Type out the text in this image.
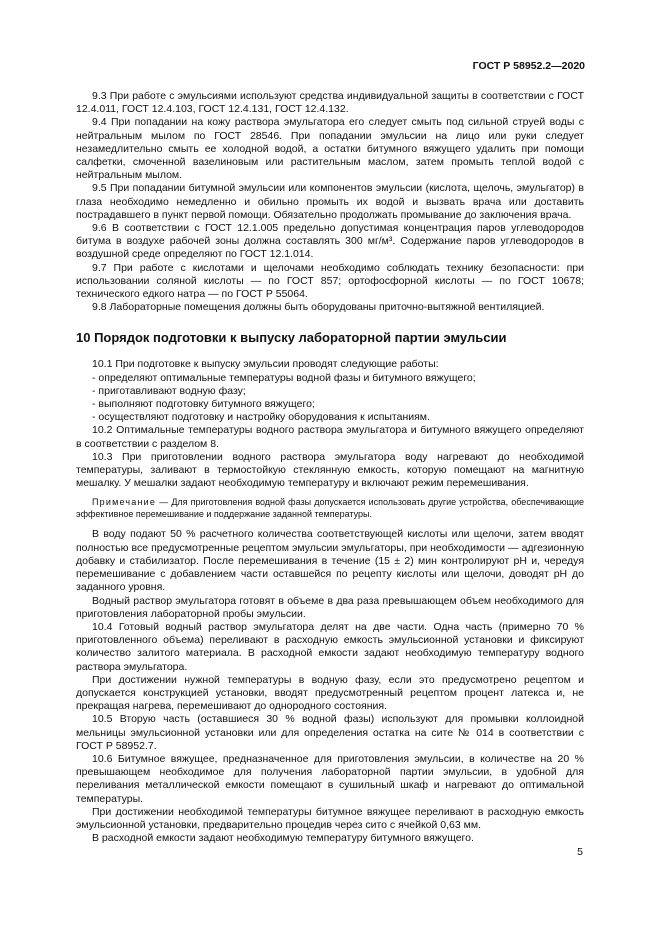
ГОСТ Р 58952.2—2020

9.3 При работе с эмульсиями используют средства индивидуальной защиты в соответствии с ГОСТ 12.4.011, ГОСТ 12.4.103, ГОСТ 12.4.131, ГОСТ 12.4.132.

9.4 При попадании на кожу раствора эмульгатора его следует смыть под сильной струей воды с нейтральным мылом по ГОСТ 28546. При попадании эмульсии на лицо или руки следует незамедлительно смыть ее холодной водой, а остатки битумного вяжущего удалить при помощи салфетки, смоченной вазелиновым или растительным маслом, затем промыть теплой водой с нейтральным мылом.

9.5 При попадании битумной эмульсии или компонентов эмульсии (кислота, щелочь, эмульгатор) в глаза необходимо немедленно и обильно промыть их водой и вызвать врача или доставить пострадавшего в пункт первой помощи. Обязательно продолжать промывание до заключения врача.

9.6 В соответствии с ГОСТ 12.1.005 предельно допустимая концентрация паров углеводородов битума в воздухе рабочей зоны должна составлять 300 мг/м³. Содержание паров углеводородов в воздушной среде определяют по ГОСТ 12.1.014.

9.7 При работе с кислотами и щелочами необходимо соблюдать технику безопасности: при использовании соляной кислоты — по ГОСТ 857; ортофосфорной кислоты — по ГОСТ 10678; технического едкого натра — по ГОСТ Р 55064.

9.8 Лабораторные помещения должны быть оборудованы приточно-вытяжной вентиляцией.

10 Порядок подготовки к выпуску лабораторной партии эмульсии

10.1 При подготовке к выпуску эмульсии проводят следующие работы:

- определяют оптимальные температуры водной фазы и битумного вяжущего;
- приготавливают водную фазу;
- выполняют подготовку битумного вяжущего;
- осуществляют подготовку и настройку оборудования к испытаниям.

10.2 Оптимальные температуры водного раствора эмульгатора и битумного вяжущего определяют в соответствии с разделом 8.

10.3 При приготовлении водного раствора эмульгатора воду нагревают до необходимой температуры, заливают в термостойкую стеклянную емкость, которую помещают на магнитную мешалку. У мешалки задают необходимую температуру и включают режим перемешивания.

Примечание — Для приготовления водной фазы допускается использовать другие устройства, обеспечивающие эффективное перемешивание и поддержание заданной температуры.

В воду подают 50 % расчетного количества соответствующей кислоты или щелочи, затем вводят полностью все предусмотренные рецептом эмульсии эмульгаторы, при необходимости — адгезионную добавку и стабилизатор. После перемешивания в течение (15 ± 2) мин контролируют pH и, чередуя перемешивание с добавлением части оставшейся по рецепту кислоты или щелочи, доводят pH до заданного уровня.

Водный раствор эмульгатора готовят в объеме в два раза превышающем объем необходимого для приготовления лабораторной пробы эмульсии.

10.4 Готовый водный раствор эмульгатора делят на две части. Одна часть (примерно 70 % приготовленного объема) переливают в расходную емкость эмульсионной установки и фиксируют количество залитого материала. В расходной емкости задают необходимую температуру водного раствора эмульгатора.

При достижении нужной температуры в водную фазу, если это предусмотрено рецептом и допускается конструкцией установки, вводят предусмотренный рецептом процент латекса и, не прекращая нагрева, перемешивают до однородного состояния.

10.5 Вторую часть (оставшиеся 30 % водной фазы) используют для промывки коллоидной мельницы эмульсионной установки или для определения остатка на сите № 014 в соответствии с ГОСТ Р 58952.7.

10.6 Битумное вяжущее, предназначенное для приготовления эмульсии, в количестве на 20 % превышающем необходимое для получения лабораторной партии эмульсии, в удобной для переливания металлической емкости помещают в сушильный шкаф и нагревают до оптимальной температуры.

При достижении необходимой температуры битумное вяжущее переливают в расходную емкость эмульсионной установки, предварительно процедив через сито с ячейкой 0,63 мм.

В расходной емкости задают необходимую температуру битумного вяжущего.

5
